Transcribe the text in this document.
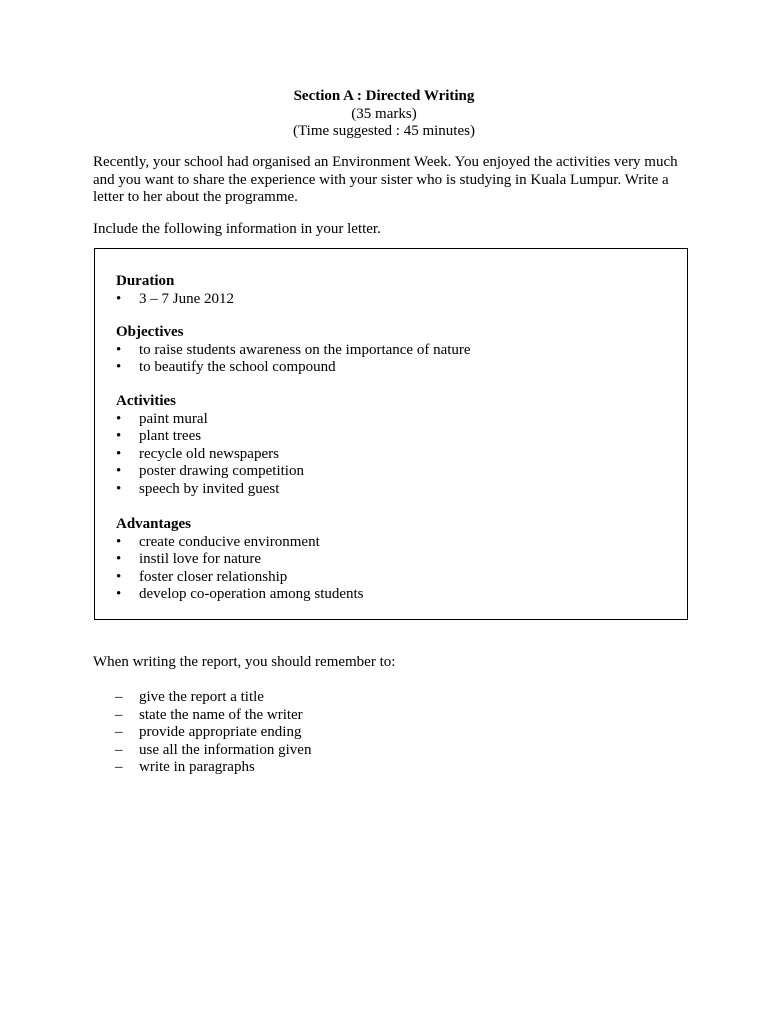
Section A : Directed Writing
(35 marks)
(Time suggested : 45 minutes)

Recently, your school had organised an Environment Week. You enjoyed the activities very much and you want to share the experience with your sister who is studying in Kuala Lumpur. Write a letter to her about the programme.

Include the following information in your letter.

Duration
•	3 – 7 June 2012
Objectives
•	to raise students awareness on the importance of nature
•	to beautify the school compound
Activities
•	paint mural
•	plant trees
•	recycle old newspapers
•	poster drawing competition
•	speech by invited guest
Advantages
•	create conducive environment
•	instil love for nature
•	foster closer relationship
•	develop co-operation among students

When writing the report, you should remember to:

– give the report a title
– state the name of the writer
– provide appropriate ending
– use all the information given
– write in paragraphs
